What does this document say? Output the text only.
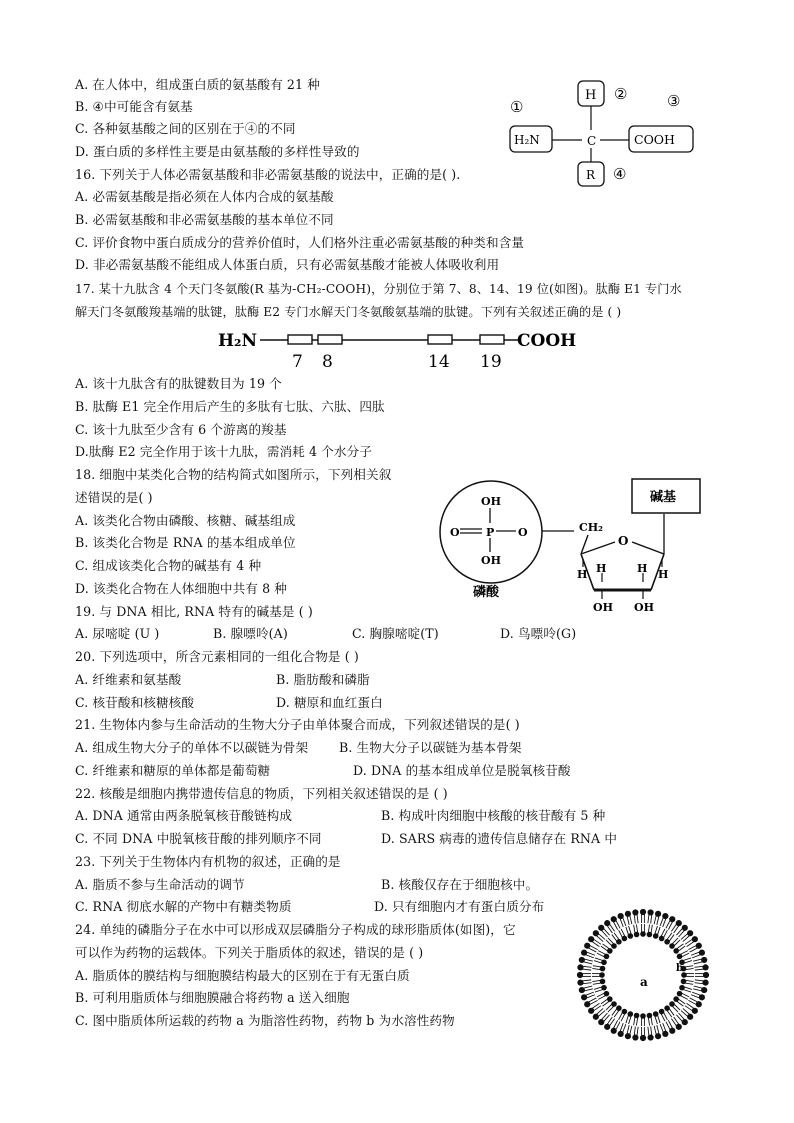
A. 在人体中，组成蛋白质的氨基酸有 21 种
B. ④中可能含有氨基
C. 各种氨基酸之间的区别在于④的不同
D. 蛋白质的多样性主要是由氨基酸的多样性导致的
16. 下列关于人体必需氨基酸和非必需氨基酸的说法中，正确的是( ).
A. 必需氨基酸是指必须在人体内合成的氨基酸
B. 必需氨基酸和非必需氨基酸的基本单位不同
C. 评价食物中蛋白质成分的营养价值时，人们格外注重必需氨基酸的种类和含量
D. 非必需氨基酸不能组成人体蛋白质，只有必需氨基酸才能被人体吸收利用
17. 某十九肽含 4 个天门冬氨酸(R 基为-CH₂-COOH)，分别位于第 7、8、14、19 位(如图)。肽酶 E1 专门水
解天门冬氨酸羧基端的肽键，肽酶 E2 专门水解天门冬氨酸氨基端的肽键。下列有关叙述正确的是 ( )
H₂N	COOH
7 8	14 19
A. 该十九肽含有的肽键数目为 19 个
B. 肽酶 E1 完全作用后产生的多肽有七肽、六肽、四肽
C. 该十九肽至少含有 6 个游离的羧基
D.肽酶 E2 完全作用于该十九肽，需消耗 4 个水分子
18. 细胞中某类化合物的结构简式如图所示，下列相关叙
述错误的是( )
A. 该类化合物由磷酸、核糖、碱基组成
B. 该类化合物是 RNA 的基本组成单位
C. 组成该类化合物的碱基有 4 种
D. 该类化合物在人体细胞中共有 8 种
19. 与 DNA 相比, RNA 特有的碱基是 ( )
A. 尿嘧啶 (U )	B. 腺嘌呤(A)	C. 胸腺嘧啶(T)	D. 鸟嘌呤(G)
20. 下列选项中，所含元素相同的一组化合物是 ( )
A. 纤维素和氨基酸	B. 脂肪酸和磷脂
C. 核苷酸和核糖核酸	D. 糖原和血红蛋白
21. 生物体内参与生命活动的生物大分子由单体聚合而成，下列叙述错误的是( )
A. 组成生物大分子的单体不以碳链为骨架 B. 生物大分子以碳链为基本骨架
C. 纤维素和糖原的单体都是葡萄糖	D. DNA 的基本组成单位是脱氧核苷酸
22. 核酸是细胞内携带遗传信息的物质，下列相关叙述错误的是 ( )
A. DNA 通常由两条脱氧核苷酸链构成	B. 构成叶肉细胞中核酸的核苷酸有 5 种
C. 不同 DNA 中脱氧核苷酸的排列顺序不同	D. SARS 病毒的遗传信息储存在 RNA 中
23. 下列关于生物体内有机物的叙述，正确的是
A. 脂质不参与生命活动的调节	B. 核酸仅存在于细胞核中。
C. RNA 彻底水解的产物中有糖类物质	D. 只有细胞内才有蛋白质分布
24. 单纯的磷脂分子在水中可以形成双层磷脂分子构成的球形脂质体(如图)，它
可以作为药物的运载体。下列关于脂质体的叙述，错误的是 ( )
A. 脂质体的膜结构与细胞膜结构最大的区别在于有无蛋白质
B. 可利用脂质体与细胞膜融合将药物 a 送入细胞
C. 图中脂质体所运载的药物 a 为脂溶性药物，药物 b 为水溶性药物
H ②
C
①
H₂N
③
COOH
R ④
OH
O P O
OH
磷酸
CH₂
O
碱基
H H	H H
OH OH
a
b
